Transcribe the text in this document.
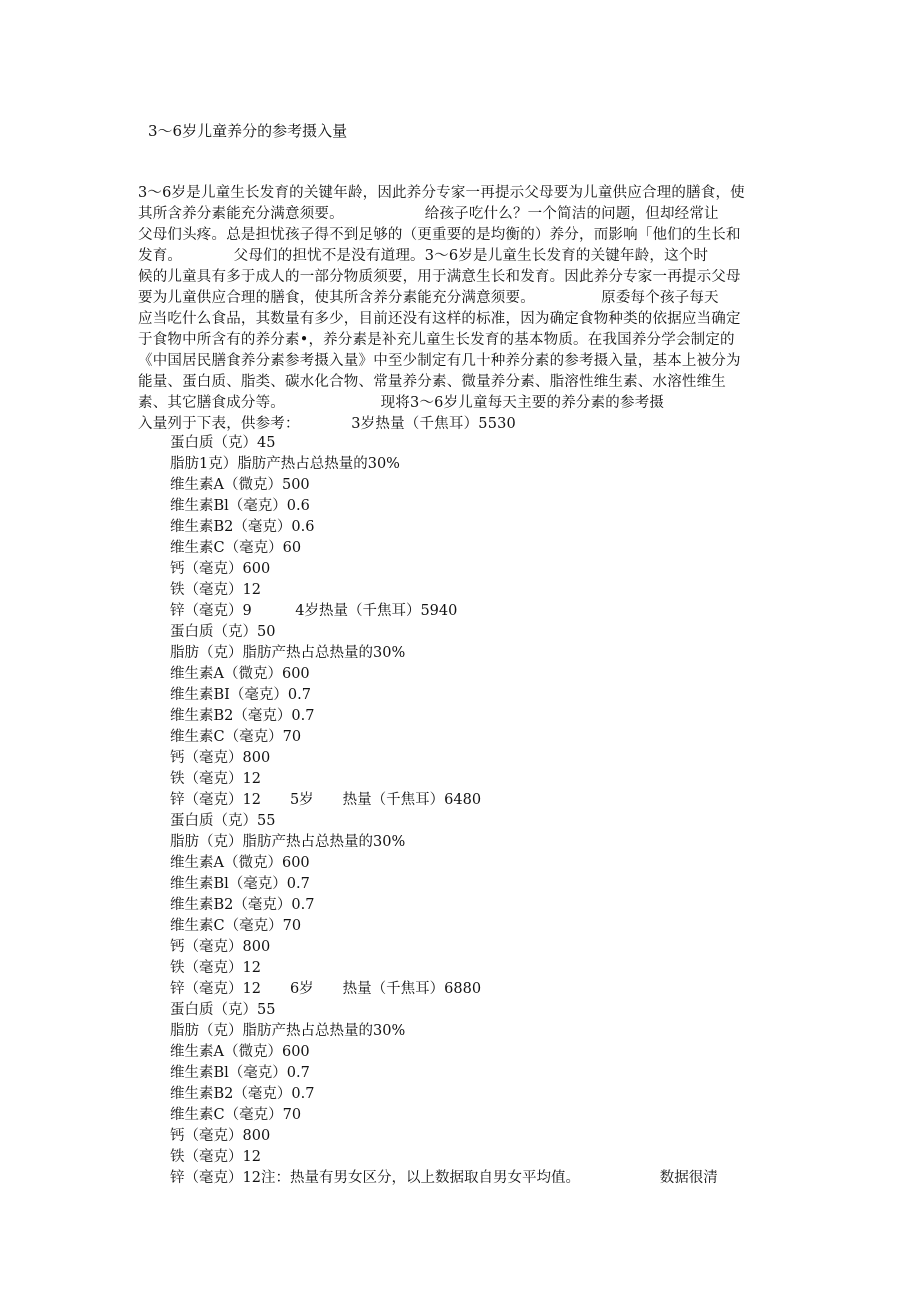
3～6岁儿童养分的参考摄入量
3～6岁是儿童生长发育的关键年龄，因此养分专家一再提示父母要为儿童供应合理的膳食，使
其所含养分素能充分满意须要。　　　　　　给孩子吃什么？一个简洁的问题，但却经常让
父母们头疼。总是担忧孩子得不到足够的（更重要的是均衡的）养分，而影响「他们的生长和
发育。　　　　父母们的担忧不是没有道理。3～6岁是儿童生长发育的关键年龄，这个时
候的儿童具有多于成人的一部分物质须要，用于满意生长和发育。因此养分专家一再提示父母
要为儿童供应合理的膳食，使其所含养分素能充分满意须要。　　　　　原委每个孩子每天
应当吃什么食品，其数量有多少，目前还没有这样的标准，因为确定食物种类的依据应当确定
于食物中所含有的养分素•，养分素是补充儿童生长发育的基本物质。在我国养分学会制定的
《中国居民膳食养分素参考摄入量》中至少制定有几十种养分素的参考摄入量，基本上被分为
能量、蛋白质、脂类、碳水化合物、常量养分素、微量养分素、脂溶性维生素、水溶性维生
素、其它膳食成分等。　　　　　　　现将3～6岁儿童每天主要的养分素的参考摄
入量列于下表，供参考：　　　　3岁热量（千焦耳）5530
蛋白质（克）45
脂肪1克）脂肪产热占总热量的30%
维生素A（微克）500
维生素Bl（毫克）0.6
维生素B2（毫克）0.6
维生素C（毫克）60
钙（毫克）600
铁（毫克）12
锌（毫克）9　　　4岁热量（千焦耳）5940
蛋白质（克）50
脂肪（克）脂肪产热占总热量的30%
维生素A（微克）600
维生素BI（毫克）0.7
维生素B2（毫克）0.7
维生素C（毫克）70
钙（毫克）800
铁（毫克）12
锌（毫克）12　　5岁　　热量（千焦耳）6480
蛋白质（克）55
脂肪（克）脂肪产热占总热量的30%
维生素A（微克）600
维生素Bl（毫克）0.7
维生素B2（毫克）0.7
维生素C（毫克）70
钙（毫克）800
铁（毫克）12
锌（毫克）12　　6岁　　热量（千焦耳）6880
蛋白质（克）55
脂肪（克）脂肪产热占总热量的30%
维生素A（微克）600
维生素Bl（毫克）0.7
维生素B2（毫克）0.7
维生素C（毫克）70
钙（毫克）800
铁（毫克）12
锌（毫克）12注：热量有男女区分，以上数据取自男女平均值。　　　　　　数据很清
